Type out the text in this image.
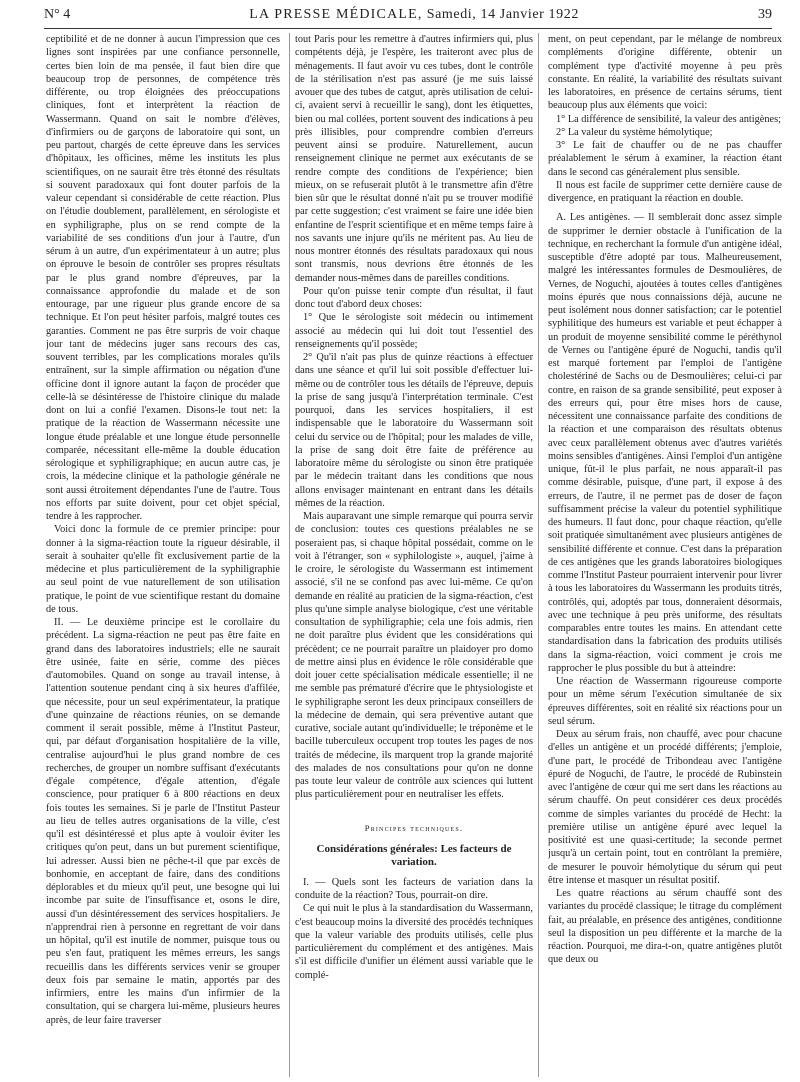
N° 4	LA PRESSE MÉDICALE, Samedi, 14 Janvier 1922	39

ceptibilité et de ne donner à aucun l'impression que ces lignes sont inspirées par une confiance personnelle, certes bien loin de ma pensée, il faut bien dire que beaucoup trop de personnes, de compétence très différente, ou trop éloignées des préoccupations cliniques, font et interprètent la réaction de Wassermann. Quand on sait le nombre d'élèves, d'infirmiers ou de garçons de laboratoire qui sont, un peu partout, chargés de cette épreuve dans les services d'hôpitaux, les officines, même les instituts les plus scientifiques, on ne saurait être très étonné des résultats si souvent paradoxaux qui font douter parfois de la valeur cependant si considérable de cette réaction. Plus on l'étudie doublement, parallèlement, en sérologiste et en syphiligraphe, plus on se rend compte de la variabilité de ses conditions d'un jour à l'autre, d'un sérum à un autre, d'un expérimentateur à un autre; plus on éprouve le besoin de contrôler ses propres résultats par le plus grand nombre d'épreuves, par la connaissance approfondie du malade et de son entourage, par une rigueur plus grande encore de sa technique. Et l'on peut hésiter parfois, malgré toutes ces garanties. Comment ne pas être surpris de voir chaque jour tant de médecins juger sans recours des cas, souvent terribles, par les complications morales qu'ils entraînent, sur la simple affirmation ou négation d'une officine dont il ignore autant la façon de procéder que celle-là se désintéresse de l'histoire clinique du malade dont on lui a confié l'examen. Disons-le tout net: la pratique de la réaction de Wassermann nécessite une longue étude préalable et une longue étude personnelle comparée, nécessitant elle-même la double éducation sérologique et syphiligraphique; en aucun autre cas, je crois, la médecine clinique et la pathologie générale ne sont aussi étroitement dépendantes l'une de l'autre. Tous nos efforts par suite doivent, pour cet objet spécial, tendre à les rapprocher.

Voici donc la formule de ce premier principe: pour donner à la sigma-réaction toute la rigueur désirable, il serait à souhaiter qu'elle fît exclusivement partie de la médecine et plus particulièrement de la syphiligraphie au seul point de vue naturellement de son utilisation pratique, le point de vue scientifique restant du domaine de tous.

II. — Le deuxième principe est le corollaire du précédent. La sigma-réaction ne peut pas être faite en grand dans des laboratoires industriels; elle ne saurait être usinée, faite en série, comme des pièces d'automobiles. Quand on songe au travail intense, à l'attention soutenue pendant cinq à six heures d'affilée, que nécessite, pour un seul expérimentateur, la pratique d'une quinzaine de réactions réunies, on se demande comment il serait possible, même à l'Institut Pasteur, qui, par défaut d'organisation hospitalière de la ville, centralise aujourd'hui le plus grand nombre de ces recherches, de grouper un nombre suffisant d'exécutants d'égale compétence, d'égale attention, d'égale conscience, pour pratiquer 6 à 800 réactions en deux fois toutes les semaines. Si je parle de l'Institut Pasteur au lieu de telles autres organisations de la ville, c'est qu'il est désintéressé et plus apte à vouloir éviter les critiques qu'on peut, dans un but purement scientifique, lui adresser. Aussi bien ne pêche-t-il que par excès de bonhomie, en acceptant de faire, dans des conditions déplorables et du mieux qu'il peut, une besogne qui lui incombe par suite de l'insuffisance et, osons le dire, aussi d'un désintéressement des services hospitaliers. Je n'apprendrai rien à personne en regrettant de voir dans un hôpital, qu'il est inutile de nommer, puisque tous ou peu s'en faut, pratiquent les mêmes erreurs, les sangs recueillis dans les différents services venir se grouper deux fois par semaine le matin, apportés par des infirmiers, entre les mains d'un infirmier de la consultation, qui se chargera lui-même, plusieurs heures après, de leur faire traverser

tout Paris pour les remettre à d'autres infirmiers qui, plus compétents déjà, je l'espère, les traiteront avec plus de ménagements. Il faut avoir vu ces tubes, dont le contrôle de la stérilisation n'est pas assuré (je me suis laissé avouer que des tubes de catgut, après utilisation de celui-ci, avaient servi à recueillir le sang), dont les étiquettes, bien ou mal collées, portent souvent des indications à peu près illisibles, pour comprendre combien d'erreurs peuvent ainsi se produire. Naturellement, aucun renseignement clinique ne permet aux exécutants de se rendre compte des conditions de l'expérience; bien mieux, on se refuserait plutôt à le transmettre afin d'être bien sûr que le résultat donné n'ait pu se trouver modifié par cette suggestion; c'est vraiment se faire une idée bien enfantine de l'esprit scientifique et en même temps faire à nos savants une injure qu'ils ne méritent pas. Au lieu de nous montrer étonnés des résultats paradoxaux qui nous sont transmis, nous devrions être étonnés de les demander nous-mêmes dans de pareilles conditions.

Pour qu'on puisse tenir compte d'un résultat, il faut donc tout d'abord deux choses:

1° Que le sérologiste soit médecin ou intimement associé au médecin qui lui doit tout l'essentiel des renseignements qu'il possède;

2° Qu'il n'ait pas plus de quinze réactions à effectuer dans une séance et qu'il lui soit possible d'effectuer lui-même ou de contrôler tous les détails de l'épreuve, depuis la prise de sang jusqu'à l'interprétation terminale. C'est pourquoi, dans les services hospitaliers, il est indispensable que le laboratoire du Wassermann soit celui du service ou de l'hôpital; pour les malades de ville, la prise de sang doit être faite de préférence au laboratoire même du sérologiste ou sinon être pratiquée par le médecin traitant dans les conditions que nous allons envisager maintenant en entrant dans les détails mêmes de la réaction.

Mais auparavant une simple remarque qui pourra servir de conclusion: toutes ces questions préalables ne se poseraient pas, si chaque hôpital possédait, comme on le voit à l'étranger, son « syphilologiste », auquel, j'aime à le croire, le sérologiste du Wassermann est intimement associé, s'il ne se confond pas avec lui-même. Ce qu'on demande en réalité au praticien de la sigma-réaction, c'est plus qu'une simple analyse biologique, c'est une véritable consultation de syphiligraphie; cela une fois admis, rien ne doit paraître plus évident que les considérations qui précèdent; ce ne pourrait paraître un plaidoyer pro domo de mettre ainsi plus en évidence le rôle considérable que doit jouer cette spécialisation médicale essentielle; il ne me semble pas prématuré d'écrire que le phtysiologiste et le syphiligraphe seront les deux principaux conseillers de la médecine de demain, qui sera préventive autant que curative, sociale autant qu'individuelle; le tréponème et le bacille tuberculeux occupent trop toutes les pages de nos traités de médecine, ils marquent trop la grande majorité des malades de nos consultations pour qu'on ne donne pas toute leur valeur de contrôle aux sciences qui luttent plus particulièrement pour en neutraliser les effets.

Principes techniques.
Considérations générales: Les facteurs de variation.

I. — Quels sont les facteurs de variation dans la conduite de la réaction? Tous, pourrait-on dire.

Ce qui nuit le plus à la standardisation du Wassermann, c'est beaucoup moins la diversité des procédés techniques que la valeur variable des produits utilisés, celle plus particulièrement du complément et des antigènes. Mais s'il est difficile d'unifier un élément aussi variable que le complé-

ment, on peut cependant, par le mélange de nombreux compléments d'origine différente, obtenir un complément type d'activité moyenne à peu près constante. En réalité, la variabilité des résultats suivant les laboratoires, en présence de certains sérums, tient beaucoup plus aux éléments que voici:

1° La différence de sensibilité, la valeur des antigènes;

2° La valeur du système hémolytique;

3° Le fait de chauffer ou de ne pas chauffer préalablement le sérum à examiner, la réaction étant dans le second cas généralement plus sensible.

Il nous est facile de supprimer cette dernière cause de divergence, en pratiquant la réaction en double.

A. Les antigènes. — Il semblerait donc assez simple de supprimer le dernier obstacle à l'unification de la technique, en recherchant la formule d'un antigène idéal, susceptible d'être adopté par tous. Malheureusement, malgré les intéressantes formules de Desmoulières, de Vernes, de Noguchi, ajoutées à toutes celles d'antigènes moins épurés que nous connaissions déjà, aucune ne peut isolément nous donner satisfaction; car le potentiel syphilitique des humeurs est variable et peut échapper à un produit de moyenne sensibilité comme le péréthynol de Vernes ou l'antigène épuré de Noguchi, tandis qu'il est marqué fortement par l'emploi de l'antigène cholestériné de Sachs ou de Desmoulières; celui-ci par contre, en raison de sa grande sensibilité, peut exposer à des erreurs qui, pour être mises hors de cause, nécessitent une connaissance parfaite des conditions de la réaction et une comparaison des résultats obtenus avec ceux parallèlement obtenus avec d'autres variétés moins sensibles d'antigènes. Ainsi l'emploi d'un antigène unique, fût-il le plus parfait, ne nous apparaît-il pas comme désirable, puisque, d'une part, il expose à des erreurs, de l'autre, il ne permet pas de doser de façon suffisamment précise la valeur du potentiel syphilitique des humeurs. Il faut donc, pour chaque réaction, qu'elle soit pratiquée simultanément avec plusieurs antigènes de sensibilité différente et connue. C'est dans la préparation de ces antigènes que les grands laboratoires biologiques comme l'Institut Pasteur pourraient intervenir pour livrer à tous les laboratoires du Wassermann les produits titrés, contrôlés, qui, adoptés par tous, donneraient désormais, avec une technique à peu près uniforme, des résultats comparables entre toutes les mains. En attendant cette standardisation dans la fabrication des produits utilisés dans la sigma-réaction, voici comment je crois me rapprocher le plus possible du but à atteindre:

Une réaction de Wassermann rigoureuse comporte pour un même sérum l'exécution simultanée de six épreuves différentes, soit en réalité six réactions pour un seul sérum.

Deux au sérum frais, non chauffé, avec pour chacune d'elles un antigène et un procédé différents; j'emploie, d'une part, le procédé de Tribondeau avec l'antigène épuré de Noguchi, de l'autre, le procédé de Rubinstein avec l'antigène de cœur qui me sert dans les réactions au sérum chauffé. On peut considérer ces deux procédés comme de simples variantes du procédé de Hecht: la première utilise un antigène épuré avec lequel la positivité est une quasi-certitude; la seconde permet jusqu'à un certain point, tout en contrôlant la première, de mesurer le pouvoir hémolytique du sérum qui peut être intense et masquer un résultat positif.

Les quatre réactions au sérum chauffé sont des variantes du procédé classique; le titrage du complément fait, au préalable, en présence des antigènes, conditionne seul la disposition un peu différente et la marche de la réaction. Pourquoi, me dira-t-on, quatre antigènes plutôt que deux ou
